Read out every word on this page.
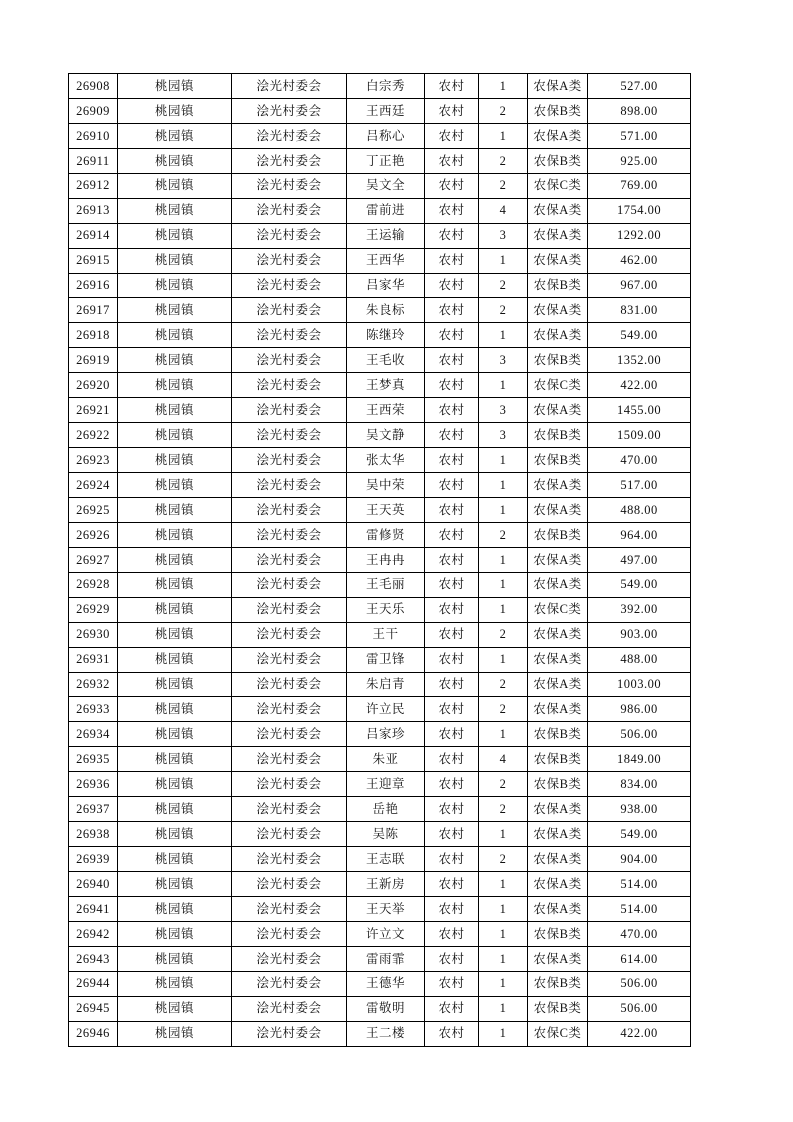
26908	桃园镇	浍光村委会	白宗秀	农村	1	农保A类	527.00
26909	桃园镇	浍光村委会	王西廷	农村	2	农保B类	898.00
26910	桃园镇	浍光村委会	吕称心	农村	1	农保A类	571.00
26911	桃园镇	浍光村委会	丁正艳	农村	2	农保B类	925.00
26912	桃园镇	浍光村委会	吴文全	农村	2	农保C类	769.00
26913	桃园镇	浍光村委会	雷前进	农村	4	农保A类	1754.00
26914	桃园镇	浍光村委会	王运输	农村	3	农保A类	1292.00
26915	桃园镇	浍光村委会	王西华	农村	1	农保A类	462.00
26916	桃园镇	浍光村委会	吕家华	农村	2	农保B类	967.00
26917	桃园镇	浍光村委会	朱良标	农村	2	农保A类	831.00
26918	桃园镇	浍光村委会	陈继玲	农村	1	农保A类	549.00
26919	桃园镇	浍光村委会	王毛收	农村	3	农保B类	1352.00
26920	桃园镇	浍光村委会	王梦真	农村	1	农保C类	422.00
26921	桃园镇	浍光村委会	王西荣	农村	3	农保A类	1455.00
26922	桃园镇	浍光村委会	吴文静	农村	3	农保B类	1509.00
26923	桃园镇	浍光村委会	张太华	农村	1	农保B类	470.00
26924	桃园镇	浍光村委会	吴中荣	农村	1	农保A类	517.00
26925	桃园镇	浍光村委会	王天英	农村	1	农保A类	488.00
26926	桃园镇	浍光村委会	雷修贤	农村	2	农保B类	964.00
26927	桃园镇	浍光村委会	王冉冉	农村	1	农保A类	497.00
26928	桃园镇	浍光村委会	王毛丽	农村	1	农保A类	549.00
26929	桃园镇	浍光村委会	王天乐	农村	1	农保C类	392.00
26930	桃园镇	浍光村委会	王干	农村	2	农保A类	903.00
26931	桃园镇	浍光村委会	雷卫锋	农村	1	农保A类	488.00
26932	桃园镇	浍光村委会	朱启青	农村	2	农保A类	1003.00
26933	桃园镇	浍光村委会	许立民	农村	2	农保A类	986.00
26934	桃园镇	浍光村委会	吕家珍	农村	1	农保B类	506.00
26935	桃园镇	浍光村委会	朱亚	农村	4	农保B类	1849.00
26936	桃园镇	浍光村委会	王迎章	农村	2	农保B类	834.00
26937	桃园镇	浍光村委会	岳艳	农村	2	农保A类	938.00
26938	桃园镇	浍光村委会	吴陈	农村	1	农保A类	549.00
26939	桃园镇	浍光村委会	王志联	农村	2	农保A类	904.00
26940	桃园镇	浍光村委会	王新房	农村	1	农保A类	514.00
26941	桃园镇	浍光村委会	王天举	农村	1	农保A类	514.00
26942	桃园镇	浍光村委会	许立文	农村	1	农保B类	470.00
26943	桃园镇	浍光村委会	雷雨霏	农村	1	农保A类	614.00
26944	桃园镇	浍光村委会	王德华	农村	1	农保B类	506.00
26945	桃园镇	浍光村委会	雷敬明	农村	1	农保B类	506.00
26946	桃园镇	浍光村委会	王二楼	农村	1	农保C类	422.00
